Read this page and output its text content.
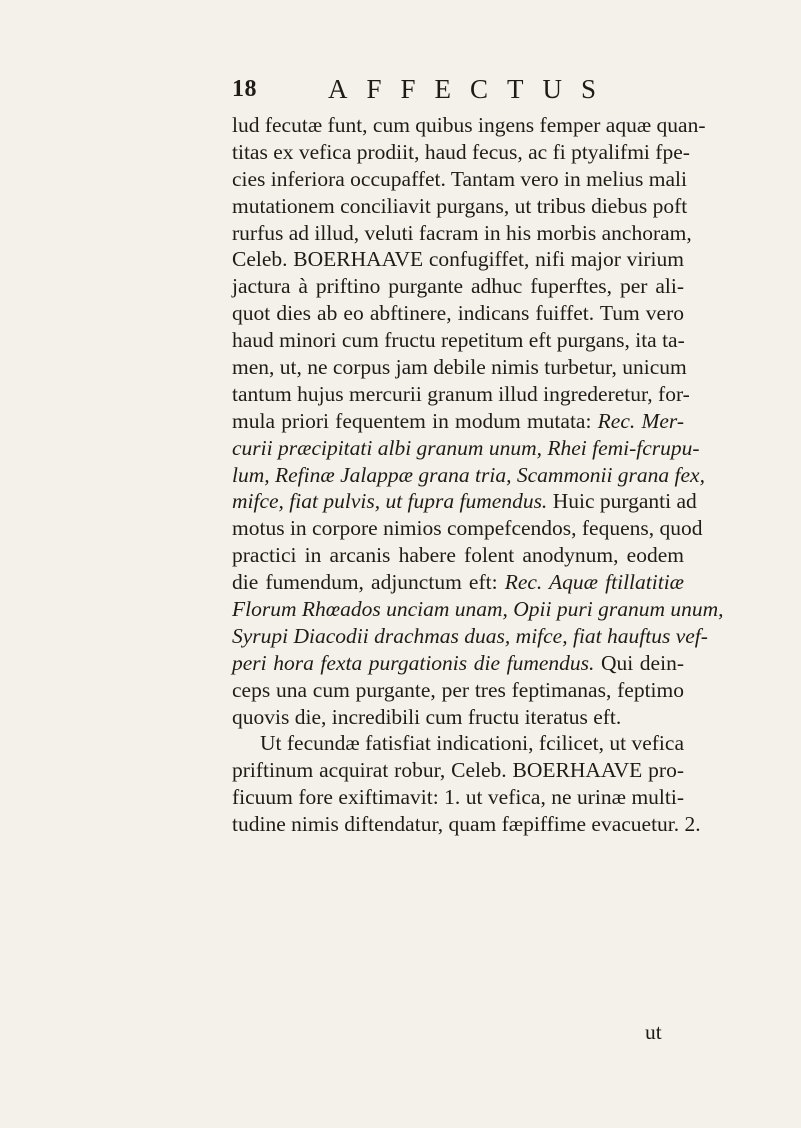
18	AFFECTUS
lud fecutæ funt, cum quibus ingens femper aquæ quan-
titas ex vefica prodiit, haud fecus, ac fi ptyalifmi fpe-
cies inferiora occupaffet. Tantam vero in melius mali
mutationem conciliavit purgans, ut tribus diebus poft
rurfus ad illud, veluti facram in his morbis anchoram,
Celeb. BOERHAAVE confugiffet, nifi major virium
jactura à priftino purgante adhuc fuperftes, per ali-
quot dies ab eo abftinere, indicans fuiffet. Tum vero
haud minori cum fructu repetitum eft purgans, ita ta-
men, ut, ne corpus jam debile nimis turbetur, unicum
tantum hujus mercurii granum illud ingrederetur, for-
mula priori fequentem in modum mutata: Rec. Mer-
curii præcipitati albi granum unum, Rhei femi-fcrupu-
lum, Refinæ Jalappæ grana tria, Scammonii grana fex,
mifce, fiat pulvis, ut fupra fumendus. Huic purganti ad
motus in corpore nimios compefcendos, fequens, quod
practici in arcanis habere folent anodynum, eodem
die fumendum, adjunctum eft: Rec. Aquæ ftillatitiæ
Florum Rhœados unciam unam, Opii puri granum unum,
Syrupi Diacodii drachmas duas, mifce, fiat hauftus vef-
peri hora fexta purgationis die fumendus. Qui dein-
ceps una cum purgante, per tres feptimanas, feptimo
quovis die, incredibili cum fructu iteratus eft.
Ut fecundæ fatisfiat indicationi, fcilicet, ut vefica
priftinum acquirat robur, Celeb. BOERHAAVE pro-
ficuum fore exiftimavit: 1. ut vefica, ne urinæ multi-
tudine nimis diftendatur, quam fæpiffime evacuetur. 2.
ut
